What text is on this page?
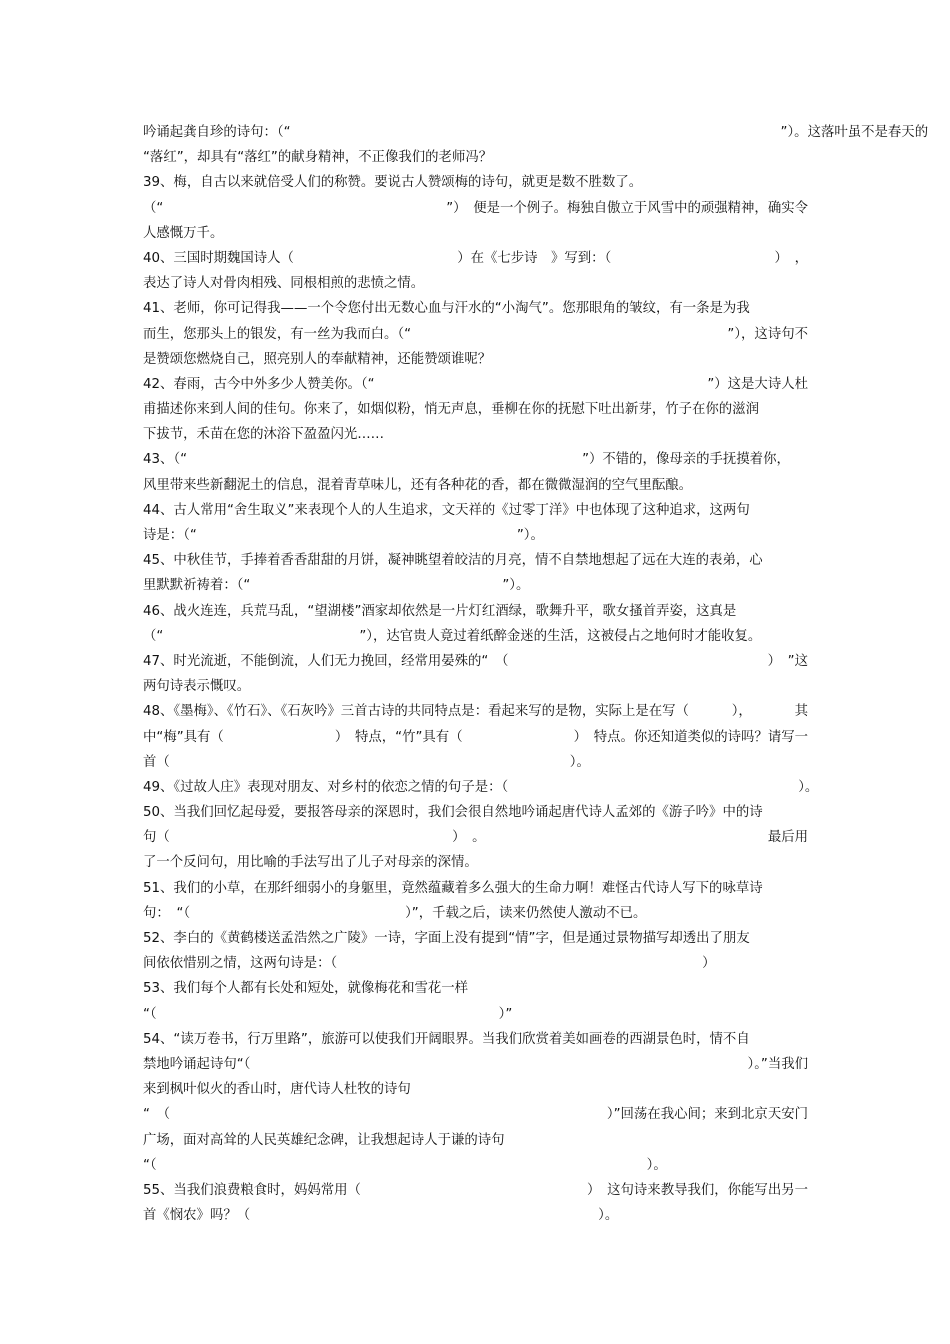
吟诵起龚自珍的诗句：（“	”）。这落叶虽不是春天的
“落红”，却具有“落红”的献身精神，不正像我们的老师冯？
39、梅，自古以来就倍受人们的称赞。要说古人赞颂梅的诗句，就更是数不胜数了。
（“	”）　便是一个例子。梅独自傲立于风雪中的顽强精神，确实令
人感慨万千。
40、三国时期魏国诗人（	）在《七步诗　》写到：（	）　，
表达了诗人对骨肉相残、同根相煎的悲愤之情。
41、老师，你可记得我——一个令您付出无数心血与汗水的“小淘气”。您那眼角的皱纹，有一条是为我
而生，您那头上的银发，有一丝为我而白。（“	”），这诗句不
是赞颂您燃烧自己，照亮别人的奉献精神，还能赞颂谁呢？
42、春雨，古今中外多少人赞美你。（“	”）这是大诗人杜
甫描述你来到人间的佳句。你来了，如烟似粉，悄无声息，垂柳在你的抚慰下吐出新芽，竹子在你的滋润
下拔节，禾苗在您的沐浴下盈盈闪光……
43、（“	”）不错的，像母亲的手抚摸着你，
风里带来些新翻泥土的信息，混着青草味儿，还有各种花的香，都在微微湿润的空气里酝酿。
44、古人常用“舍生取义”来表现个人的人生追求，文天祥的《过零丁洋》中也体现了这种追求，这两句
诗是：（“	”）。
45、中秋佳节，手捧着香香甜甜的月饼，凝神眺望着皎洁的月亮，情不自禁地想起了远在大连的表弟，心
里默默祈祷着：（“	”）。
46、战火连连，兵荒马乱，“望湖楼”酒家却依然是一片灯红酒绿，歌舞升平，歌女搔首弄姿，这真是
（“	”），达官贵人竟过着纸醉金迷的生活，这被侵占之地何时才能收复。
47、时光流逝，不能倒流，人们无力挽回，经常用晏殊的“　（	）　”这
两句诗表示慨叹。
48、《墨梅》、《竹石》、《石灰吟》三首古诗的共同特点是：看起来写的是物，实际上是在写（	），	其
中“梅”具有（	）　特点，“竹”具有（	）　特点。你还知道类似的诗吗？请写一
首（	）。
49、《过故人庄》表现对朋友、对乡村的依恋之情的句子是：（	）。
50、当我们回忆起母爱，要报答母亲的深恩时，我们会很自然地吟诵起唐代诗人孟郊的《游子吟》中的诗
句（	）　。	最后用
了一个反问句，用比喻的手法写出了儿子对母亲的深情。
51、我们的小草，在那纤细弱小的身躯里，竟然蕴藏着多么强大的生命力啊！难怪古代诗人写下的咏草诗
句：　“（	）”，千载之后，读来仍然使人激动不已。
52、李白的《黄鹤楼送孟浩然之广陵》一诗，字面上没有提到“情”字，但是通过景物描写却透出了朋友
间依依惜别之情，这两句诗是：（	）
53、我们每个人都有长处和短处，就像梅花和雪花一样
“（	）”
54、“读万卷书，行万里路”，旅游可以使我们开阔眼界。当我们欣赏着美如画卷的西湖景色时，情不自
禁地吟诵起诗句“（	）。”当我们
来到枫叶似火的香山时，唐代诗人杜牧的诗句
“　（	）”回荡在我心间；来到北京天安门
广场，面对高耸的人民英雄纪念碑，让我想起诗人于谦的诗句
“（	）。
55、当我们浪费粮食时，妈妈常用（	）　这句诗来教导我们，你能写出另一
首《悯农》吗？（	）。
